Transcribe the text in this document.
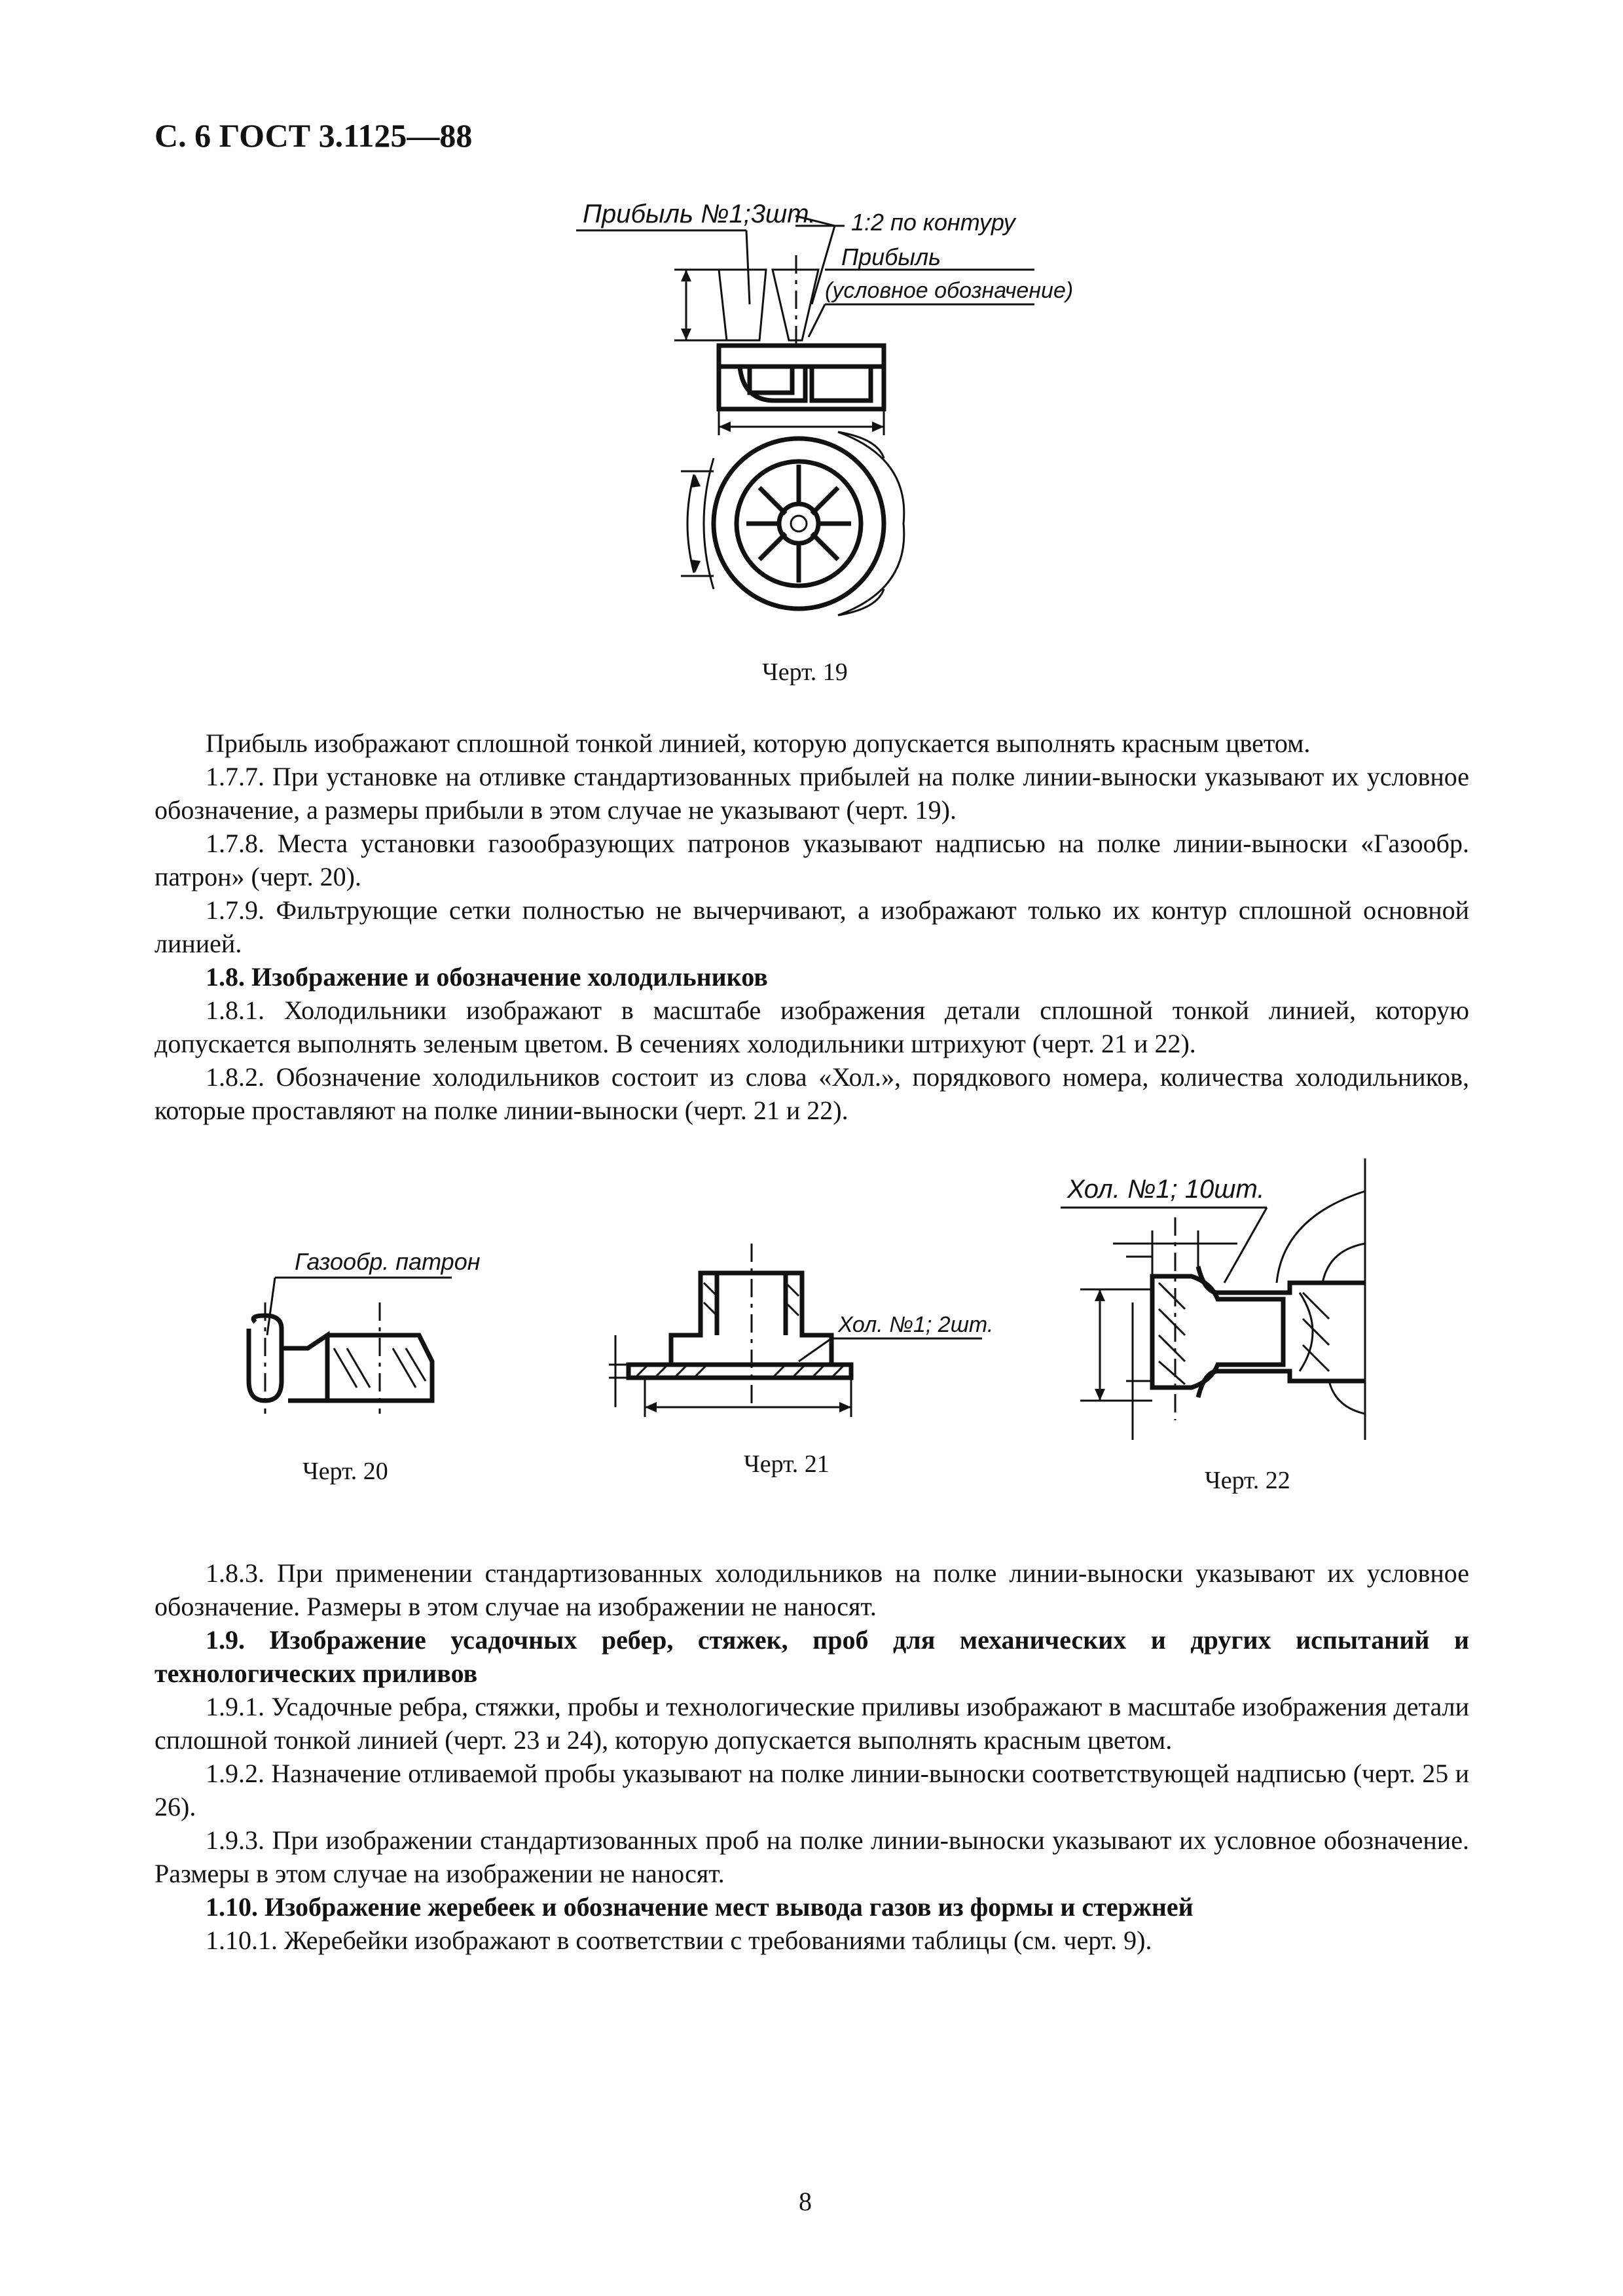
С. 6 ГОСТ 3.1125—88
Прибыль №1;3шт. 1:2 по контуру
Прибыль
(условное обозначение)
Черт. 19

Прибыль изображают сплошной тонкой линией, которую допускается выполнять красным цветом.

1.7.7. При установке на отливке стандартизованных прибылей на полке линии-выноски указывают их условное обозначение, а размеры прибыли в этом случае не указывают (черт. 19).

1.7.8. Места установки газообразующих патронов указывают надписью на полке линии-выноски «Газообр. патрон» (черт. 20).

1.7.9. Фильтрующие сетки полностью не вычерчивают, а изображают только их контур сплошной основной линией.

1.8. Изображение и обозначение холодильников

1.8.1. Холодильники изображают в масштабе изображения детали сплошной тонкой линией, которую допускается выполнять зеленым цветом. В сечениях холодильники штрихуют (черт. 21 и 22).

1.8.2. Обозначение холодильников состоит из слова «Хол.», порядкового номера, количества холодильников, которые проставляют на полке линии-выноски (черт. 21 и 22).

Газообр. патрон
Черт. 20
Хол. №1; 2шт.
Черт. 21
Хол. №1; 10шт.
Черт. 22

1.8.3. При применении стандартизованных холодильников на полке линии-выноски указывают их условное обозначение. Размеры в этом случае на изображении не наносят.

1.9. Изображение усадочных ребер, стяжек, проб для механических и других испытаний и технологических приливов

1.9.1. Усадочные ребра, стяжки, пробы и технологические приливы изображают в масштабе изображения детали сплошной тонкой линией (черт. 23 и 24), которую допускается выполнять красным цветом.

1.9.2. Назначение отливаемой пробы указывают на полке линии-выноски соответствующей надписью (черт. 25 и 26).

1.9.3. При изображении стандартизованных проб на полке линии-выноски указывают их условное обозначение. Размеры в этом случае на изображении не наносят.

1.10. Изображение жеребеек и обозначение мест вывода газов из формы и стержней

1.10.1. Жеребейки изображают в соответствии с требованиями таблицы (см. черт. 9).

8
